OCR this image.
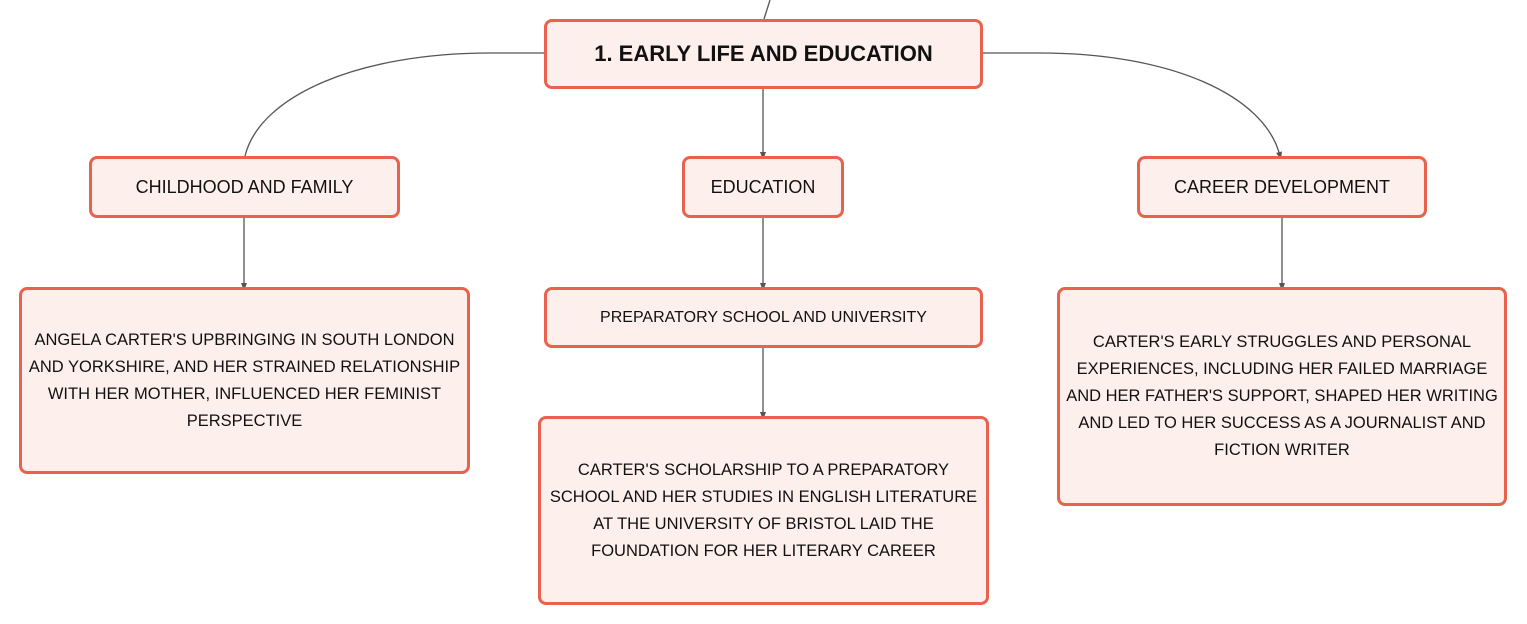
1. EARLY LIFE AND EDUCATION
CHILDHOOD AND FAMILY	EDUCATION	CAREER DEVELOPMENT
ANGELA CARTER'S UPBRINGING IN SOUTH LONDON AND YORKSHIRE, AND HER STRAINED RELATIONSHIP WITH HER MOTHER, INFLUENCED HER FEMINIST PERSPECTIVE
PREPARATORY SCHOOL AND UNIVERSITY
CARTER'S SCHOLARSHIP TO A PREPARATORY SCHOOL AND HER STUDIES IN ENGLISH LITERATURE AT THE UNIVERSITY OF BRISTOL LAID THE FOUNDATION FOR HER LITERARY CAREER
CARTER'S EARLY STRUGGLES AND PERSONAL EXPERIENCES, INCLUDING HER FAILED MARRIAGE AND HER FATHER'S SUPPORT, SHAPED HER WRITING AND LED TO HER SUCCESS AS A JOURNALIST AND FICTION WRITER
